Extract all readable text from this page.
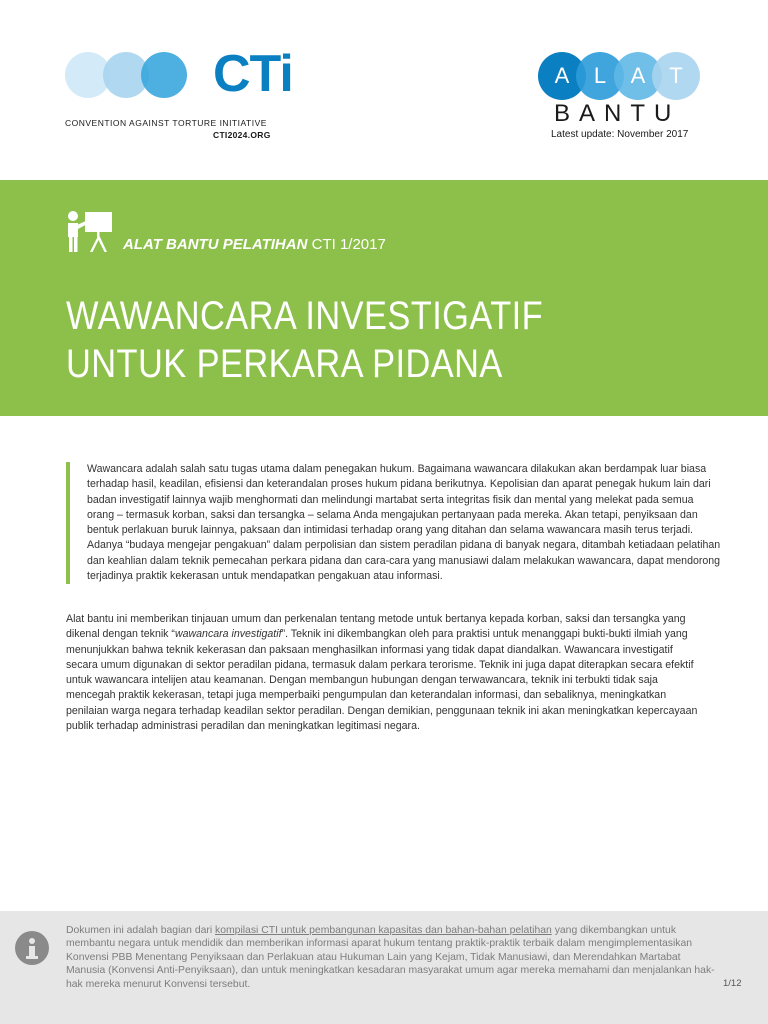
CTi
CONVENTION AGAINST TORTURE INITIATIVE
CTI2024.ORG
A	L	A	T
BANTU
Latest update: November 2017
ALAT BANTU PELATIHAN CTI 1/2017
WAWANCARA INVESTIGATIF
UNTUK PERKARA PIDANA
Wawancara adalah salah satu tugas utama dalam penegakan hukum. Bagaimana wawancara dilakukan akan berdampak luar biasa terhadap hasil, keadilan, efisiensi dan keterandalan proses hukum pidana berikutnya. Kepolisian dan aparat penegak hukum lain dari badan investigatif lainnya wajib menghormati dan melindungi martabat serta integritas fisik dan mental yang melekat pada semua orang – termasuk korban, saksi dan tersangka – selama Anda mengajukan pertanyaan pada mereka. Akan tetapi, penyiksaan dan bentuk perlakuan buruk lainnya, paksaan dan intimidasi terhadap orang yang ditahan dan selama wawancara masih terus terjadi. Adanya “budaya mengejar pengakuan” dalam perpolisian dan sistem peradilan pidana di banyak negara, ditambah ketiadaan pelatihan dan keahlian dalam teknik pemecahan perkara pidana dan cara-cara yang manusiawi dalam melakukan wawancara, dapat mendorong terjadinya praktik kekerasan untuk mendapatkan pengakuan atau informasi.
Alat bantu ini memberikan tinjauan umum dan perkenalan tentang metode untuk bertanya kepada korban, saksi dan tersangka yang dikenal dengan teknik “wawancara investigatif”. Teknik ini dikembangkan oleh para praktisi untuk menanggapi bukti-bukti ilmiah yang menunjukkan bahwa teknik kekerasan dan paksaan menghasilkan informasi yang tidak dapat diandalkan. Wawancara investigatif secara umum digunakan di sektor peradilan pidana, termasuk dalam perkara terorisme. Teknik ini juga dapat diterapkan secara efektif untuk wawancara intelijen atau keamanan. Dengan membangun hubungan dengan terwawancara, teknik ini terbukti tidak saja mencegah praktik kekerasan, tetapi juga memperbaiki pengumpulan dan keterandalan informasi, dan sebaliknya, meningkatkan penilaian warga negara terhadap keadilan sektor peradilan. Dengan demikian, penggunaan teknik ini akan meningkatkan kepercayaan publik terhadap administrasi peradilan dan meningkatkan legitimasi negara.
Dokumen ini adalah bagian dari kompilasi CTI untuk pembangunan kapasitas dan bahan-bahan pelatihan yang dikembangkan untuk membantu negara untuk mendidik dan memberikan informasi aparat hukum tentang praktik-praktik terbaik dalam mengimplementasikan Konvensi PBB Menentang Penyiksaan dan Perlakuan atau Hukuman Lain yang Kejam, Tidak Manusiawi, dan Merendahkan Martabat Manusia (Konvensi Anti-Penyiksaan), dan untuk meningkatkan kesadaran masyarakat umum agar mereka memahami dan menjalankan hak-hak mereka menurut Konvensi tersebut.	1/12
